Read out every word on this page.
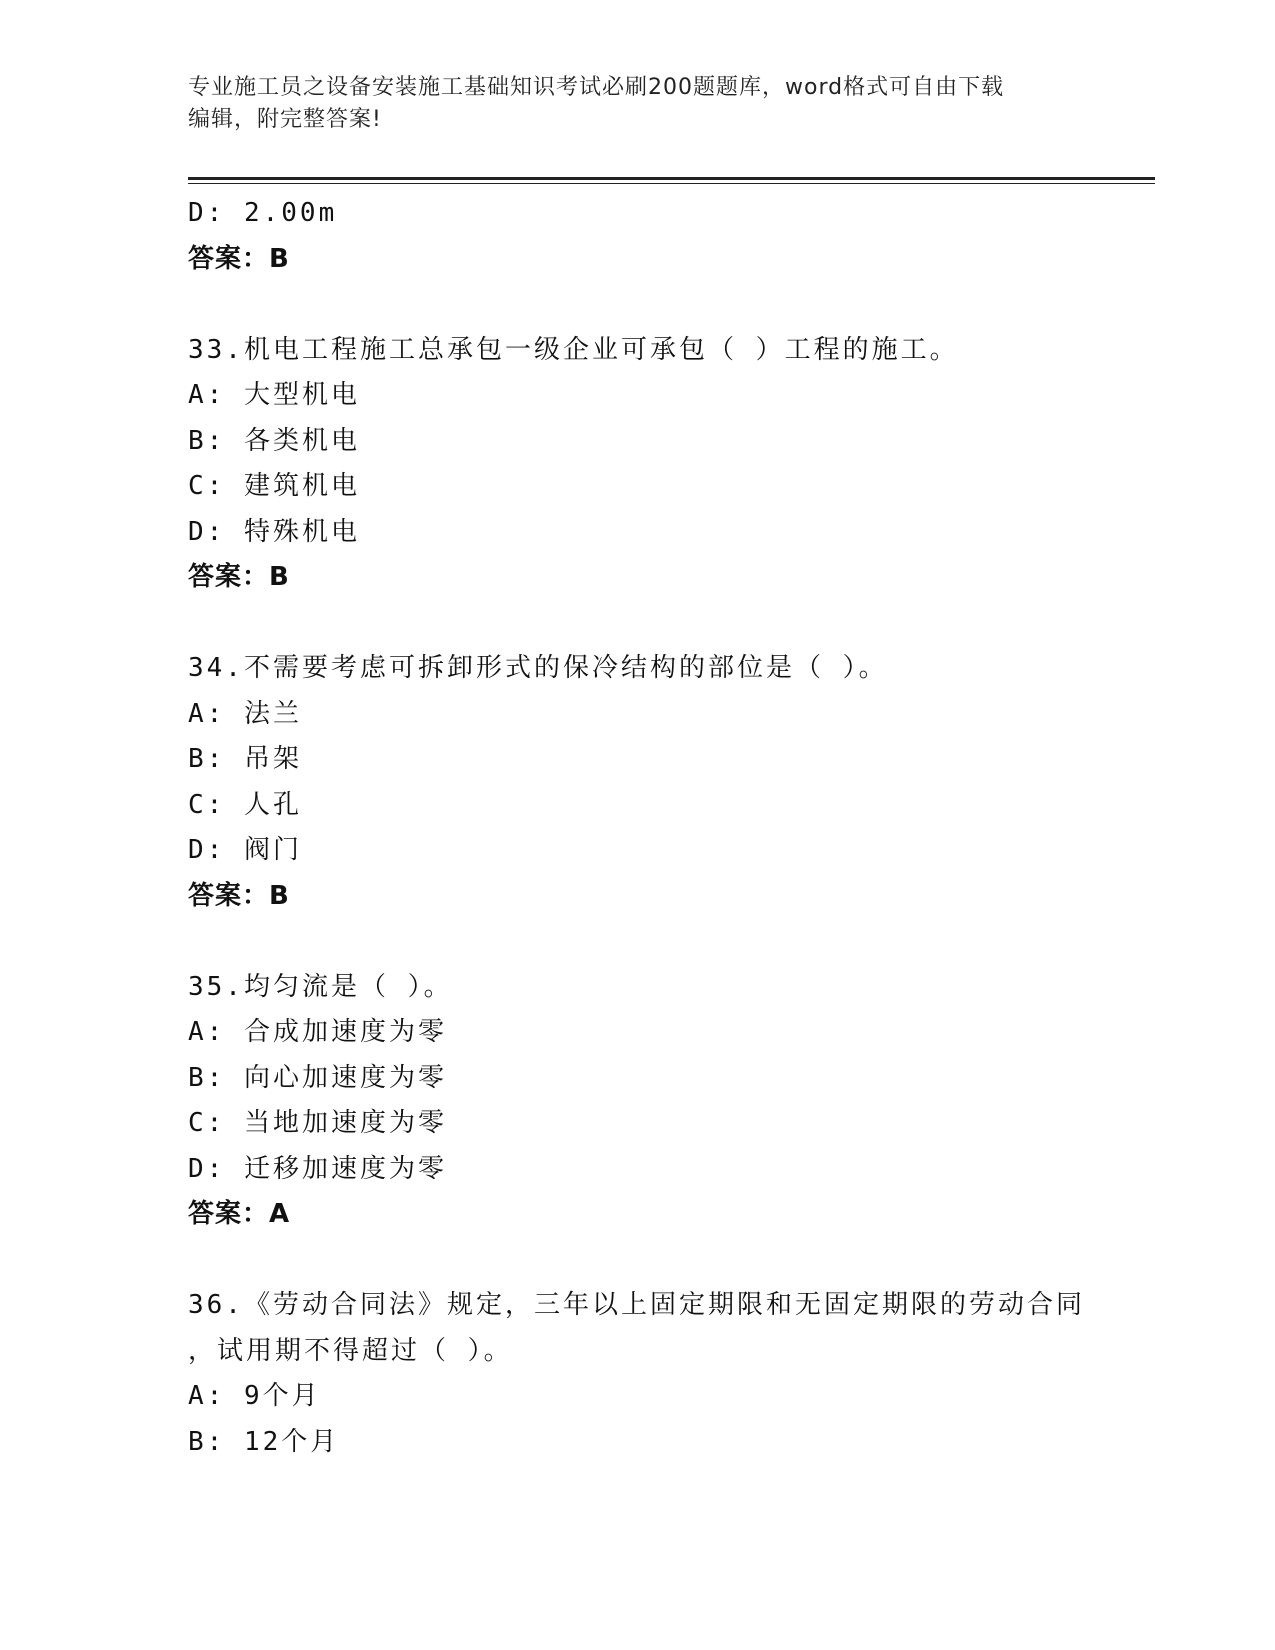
专业施工员之设备安装施工基础知识考试必刷200题题库，word格式可自由下载
编辑，附完整答案!
D: 2.00m
答案：B
33.机电工程施工总承包一级企业可承包（ ）工程的施工。
A: 大型机电
B: 各类机电
C: 建筑机电
D: 特殊机电
答案：B
34.不需要考虑可拆卸形式的保冷结构的部位是（ ）。
A: 法兰
B: 吊架
C: 人孔
D: 阀门
答案：B
35.均匀流是（ ）。
A: 合成加速度为零
B: 向心加速度为零
C: 当地加速度为零
D: 迁移加速度为零
答案：A
36.《劳动合同法》规定，三年以上固定期限和无固定期限的劳动合同
，试用期不得超过（ ）。
A: 9个月
B: 12个月
